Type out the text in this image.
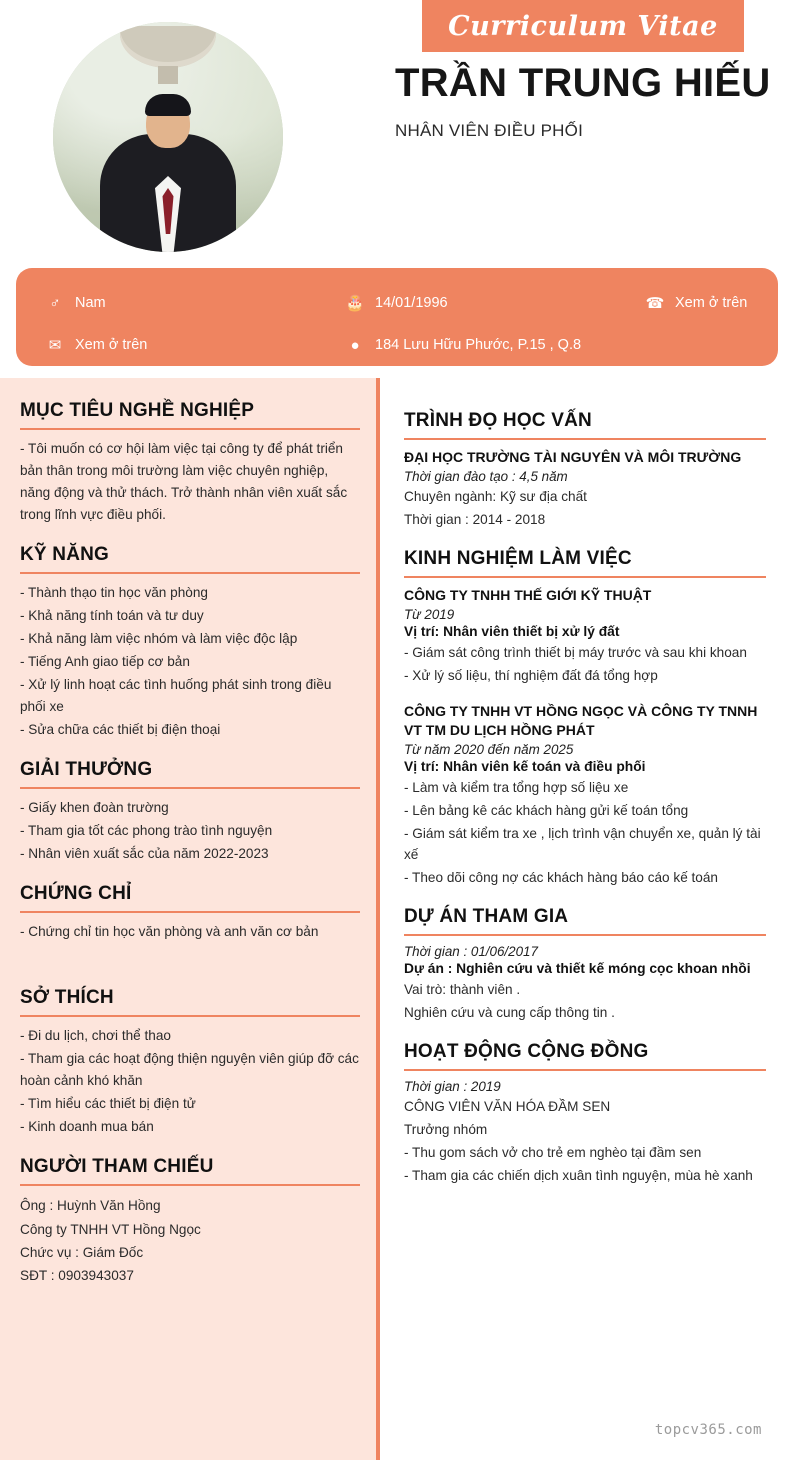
Curriculum Vitae
TRẦN TRUNG HIẾU
NHÂN VIÊN ĐIỀU PHỐI
♂ Nam	🎂 14/01/1996	☎ Xem ở trên
✉ Xem ở trên	●	184 Lưu Hữu Phước, P.15 , Q.8
MỤC TIÊU NGHỀ NGHIỆP

- Tôi muốn có cơ hội làm việc tại công ty để phát triển bản thân trong môi trường làm việc chuyên nghiệp, năng động và thử thách. Trở thành nhân viên xuất sắc trong lĩnh vực điều phối.

KỸ NĂNG

- Thành thạo tin học văn phòng

- Khả năng tính toán và tư duy

- Khả năng làm việc nhóm và làm việc độc lập

- Tiếng Anh giao tiếp cơ bản

- Xử lý linh hoạt các tình huống phát sinh trong điều phối xe

- Sửa chữa các thiết bị điện thoại

GIẢI THƯỞNG

- Giấy khen đoàn trường

- Tham gia tốt các phong trào tình nguyện

- Nhân viên xuất sắc của năm 2022-2023

CHỨNG CHỈ

- Chứng chỉ tin học văn phòng và anh văn cơ bản

SỞ THÍCH

- Đi du lịch, chơi thể thao

- Tham gia các hoạt động thiện nguyện viên giúp đỡ các hoàn cảnh khó khăn

- Tìm hiểu các thiết bị điện tử

- Kinh doanh mua bán

NGƯỜI THAM CHIẾU

Ông : Huỳnh Văn Hồng

Công ty TNHH VT Hồng Ngọc

Chức vụ : Giám Đốc

SĐT : 0903943037

TRÌNH ĐỌ HỌC VẤN

ĐẠI HỌC TRƯỜNG TÀI NGUYÊN VÀ MÔI TRƯỜNG

Thời gian đào tạo : 4,5 năm

Chuyên ngành: Kỹ sư địa chất

Thời gian : 2014 - 2018

KINH NGHIỆM LÀM VIỆC

CÔNG TY TNHH THẾ GIỚI KỸ THUẬT

Từ 2019

Vị trí: Nhân viên thiết bị xử lý đất

- Giám sát công trình thiết bị máy trước và sau khi khoan

- Xử lý số liệu, thí nghiệm đất đá tổng hợp

CÔNG TY TNHH VT HỒNG NGỌC VÀ CÔNG TY TNNH VT TM DU LỊCH HỒNG PHÁT

Từ năm 2020 đến năm 2025

Vị trí: Nhân viên kế toán và điều phối

- Làm và kiểm tra tổng hợp số liệu xe

- Lên bảng kê các khách hàng gửi kế toán tổng

- Giám sát kiểm tra xe , lịch trình vận chuyển xe, quản lý tài xế

- Theo dõi công nợ các khách hàng báo cáo kế toán

DỰ ÁN THAM GIA

Thời gian : 01/06/2017

Dự án : Nghiên cứu và thiết kế móng cọc khoan nhồi

Vai trò: thành viên .

Nghiên cứu và cung cấp thông tin .

HOẠT ĐỘNG CỘNG ĐỒNG

Thời gian : 2019

CÔNG VIÊN VĂN HÓA ĐẦM SEN

Trưởng nhóm

- Thu gom sách vở cho trẻ em nghèo tại đầm sen

- Tham gia các chiến dịch xuân tình nguyện, mùa hè xanh

topcv365.com
